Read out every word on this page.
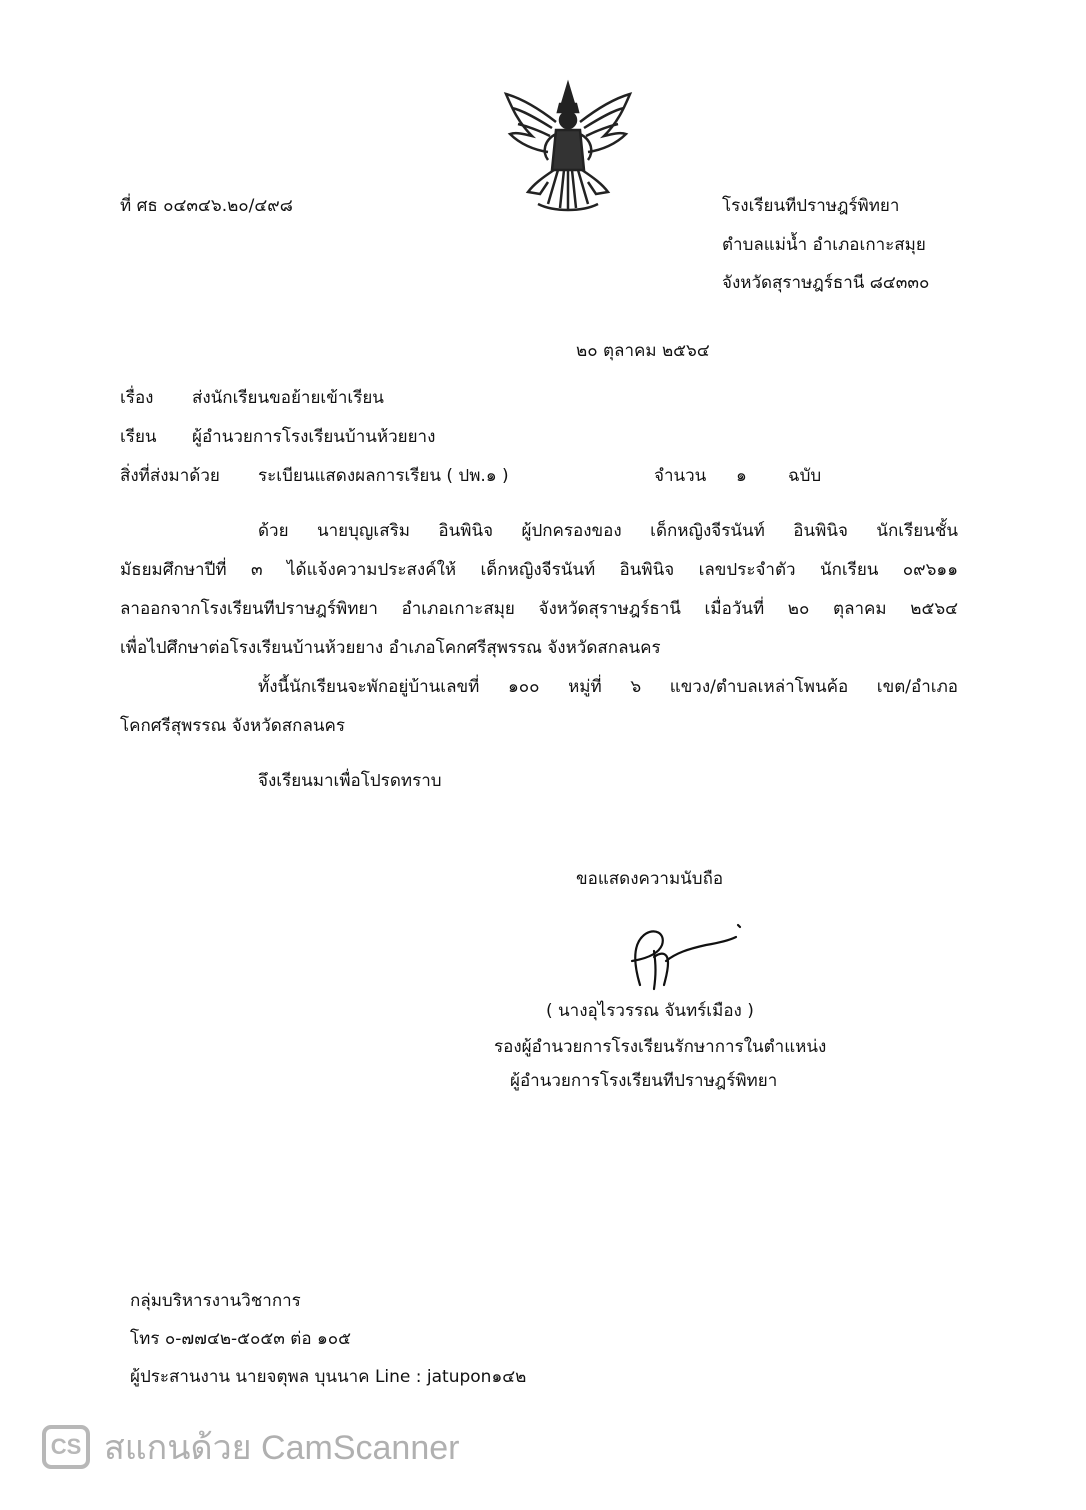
ที่ ศธ ๐๔๓๔๖.๒๐/๔๙๘	โรงเรียนทีปราษฎร์พิทยา
ตำบลแม่น้ำ อำเภอเกาะสมุย
จังหวัดสุราษฎร์ธานี ๘๔๓๓๐
๒๐ ตุลาคม ๒๕๖๔
เรื่อง ส่งนักเรียนขอย้ายเข้าเรียน
เรียน ผู้อำนวยการโรงเรียนบ้านห้วยยาง
สิ่งที่ส่งมาด้วย ระเบียนแสดงผลการเรียน ( ปพ.๑ )	จำนวน ๑ ฉบับ
ด้วย นายบุญเสริม อินพินิจ ผู้ปกครองของ เด็กหญิงจีรนันท์ อินพินิจ นักเรียนชั้น
มัธยมศึกษาปีที่ ๓ ได้แจ้งความประสงค์ให้ เด็กหญิงจีรนันท์ อินพินิจ เลขประจำตัว นักเรียน ๐๙๖๑๑
ลาออกจากโรงเรียนทีปราษฎร์พิทยา อำเภอเกาะสมุย จังหวัดสุราษฎร์ธานี เมื่อวันที่ ๒๐ ตุลาคม ๒๕๖๔
เพื่อไปศึกษาต่อโรงเรียนบ้านห้วยยาง อำเภอโคกศรีสุพรรณ จังหวัดสกลนคร
ทั้งนี้นักเรียนจะพักอยู่บ้านเลขที่ ๑๐๐ หมู่ที่ ๖ แขวง/ตำบลเหล่าโพนค้อ เขต/อำเภอ
โคกศรีสุพรรณ จังหวัดสกลนคร
จึงเรียนมาเพื่อโปรดทราบ
ขอแสดงความนับถือ
( นางอุไรวรรณ จันทร์เมือง )
รองผู้อำนวยการโรงเรียนรักษาการในตำแหน่ง
ผู้อำนวยการโรงเรียนทีปราษฎร์พิทยา
กลุ่มบริหารงานวิชาการ
โทร ๐-๗๗๔๒-๕๐๕๓ ต่อ ๑๐๕
ผู้ประสานงาน นายจตุพล บุนนาค Line : jatupon๑๔๒
CS สแกนด้วย CamScanner
